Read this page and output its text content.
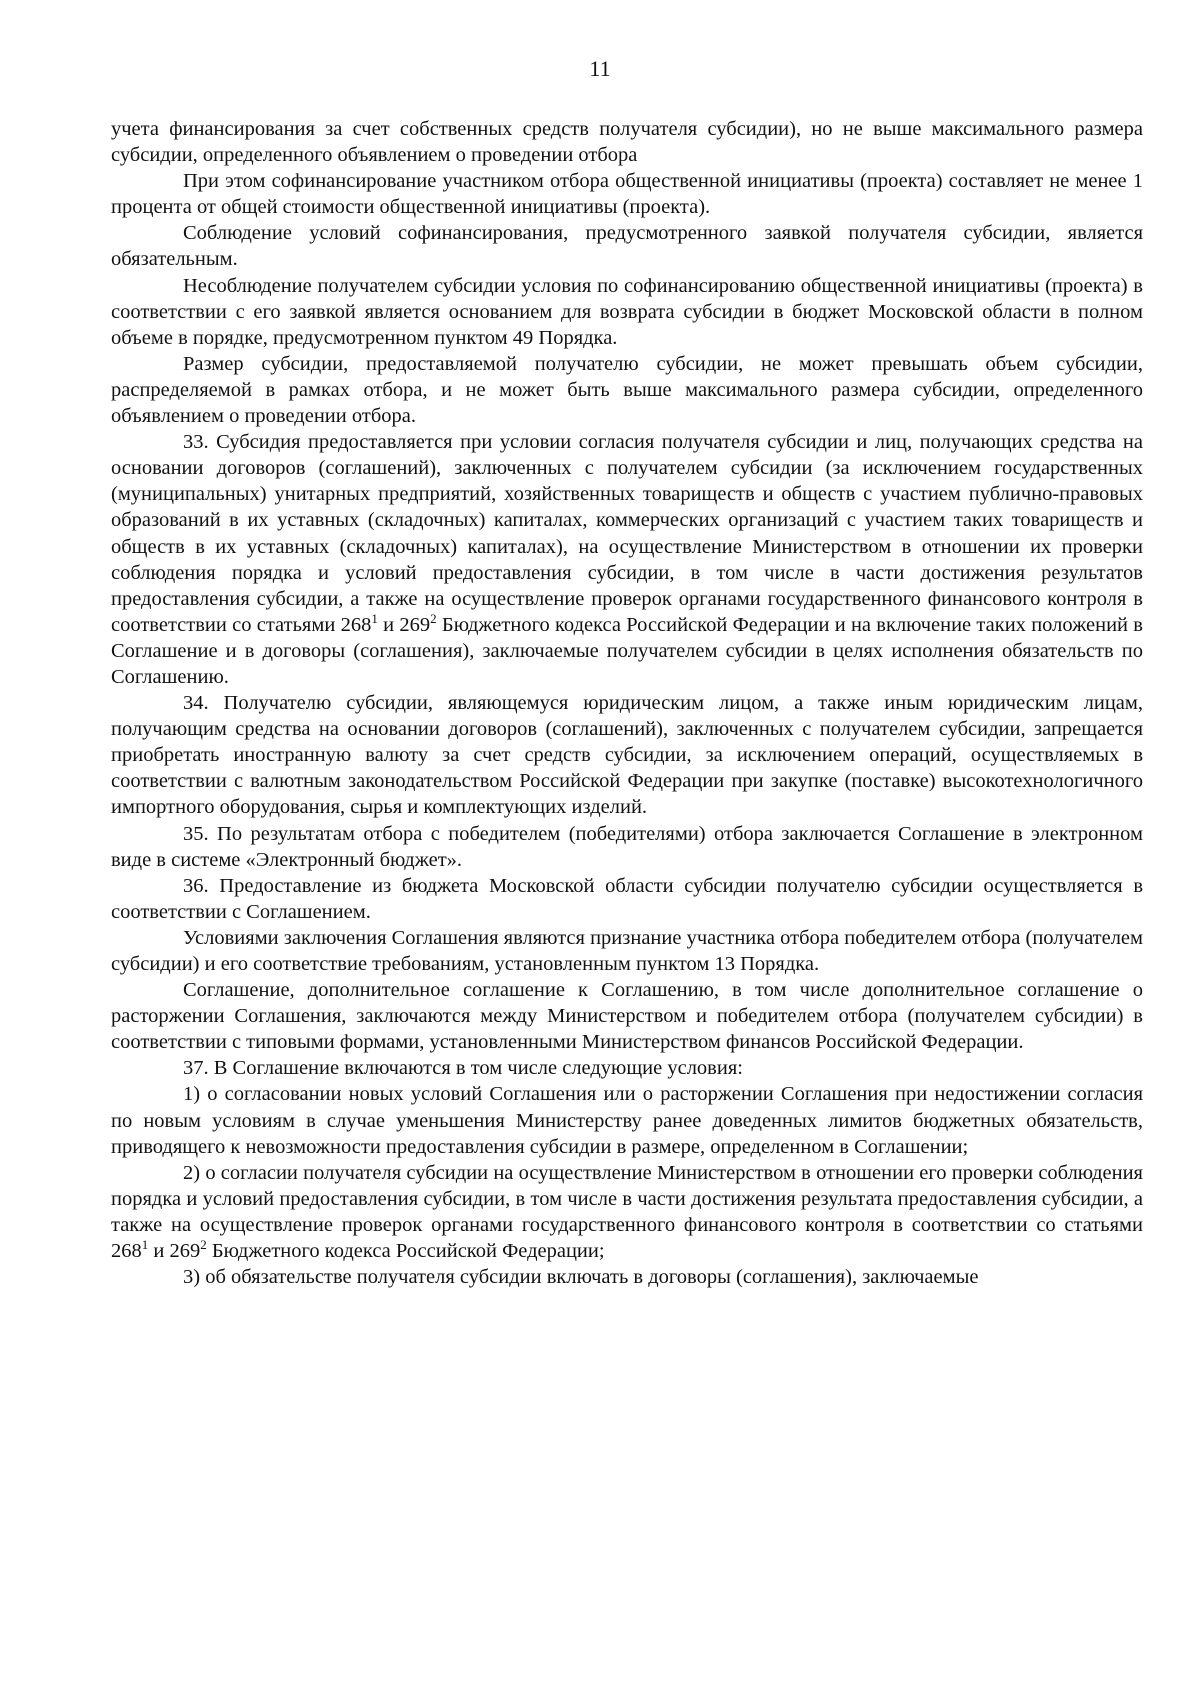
11

учета финансирования за счет собственных средств получателя субсидии), но не выше максимального размера субсидии, определенного объявлением о проведении отбора

При этом софинансирование участником отбора общественной инициативы (проекта) составляет не менее 1 процента от общей стоимости общественной инициативы (проекта).

Соблюдение условий софинансирования, предусмотренного заявкой получателя субсидии, является обязательным.

Несоблюдение получателем субсидии условия по софинансированию общественной инициативы (проекта) в соответствии с его заявкой является основанием для возврата субсидии в бюджет Московской области в полном объеме в порядке, предусмотренном пунктом 49 Порядка.

Размер субсидии, предоставляемой получателю субсидии, не может превышать объем субсидии, распределяемой в рамках отбора, и не может быть выше максимального размера субсидии, определенного объявлением о проведении отбора.

33. Субсидия предоставляется при условии согласия получателя субсидии и лиц, получающих средства на основании договоров (соглашений), заключенных с получателем субсидии (за исключением государственных (муниципальных) унитарных предприятий, хозяйственных товариществ и обществ с участием публично-правовых образований в их уставных (складочных) капиталах, коммерческих организаций с участием таких товариществ и обществ в их уставных (складочных) капиталах), на осуществление Министерством в отношении их проверки соблюдения порядка и условий предоставления субсидии, в том числе в части достижения результатов предоставления субсидии, а также на осуществление проверок органами государственного финансового контроля в соответствии со статьями $268^1$ и $269^2$ Бюджетного кодекса Российской Федерации и на включение таких положений в Соглашение и в договоры (соглашения), заключаемые получателем субсидии в целях исполнения обязательств по Соглашению.

34. Получателю субсидии, являющемуся юридическим лицом, а также иным юридическим лицам, получающим средства на основании договоров (соглашений), заключенных с получателем субсидии, запрещается приобретать иностранную валюту за счет средств субсидии, за исключением операций, осуществляемых в соответствии с валютным законодательством Российской Федерации при закупке (поставке) высокотехнологичного импортного оборудования, сырья и комплектующих изделий.

35. По результатам отбора с победителем (победителями) отбора заключается Соглашение в электронном виде в системе «Электронный бюджет».

36. Предоставление из бюджета Московской области субсидии получателю субсидии осуществляется в соответствии с Соглашением.

Условиями заключения Соглашения являются признание участника отбора победителем отбора (получателем субсидии) и его соответствие требованиям, установленным пунктом 13 Порядка.

Соглашение, дополнительное соглашение к Соглашению, в том числе дополнительное соглашение о расторжении Соглашения, заключаются между Министерством и победителем отбора (получателем субсидии) в соответствии с типовыми формами, установленными Министерством финансов Российской Федерации.

37. В Соглашение включаются в том числе следующие условия:

1) о согласовании новых условий Соглашения или о расторжении Соглашения при недостижении согласия по новым условиям в случае уменьшения Министерству ранее доведенных лимитов бюджетных обязательств, приводящего к невозможности предоставления субсидии в размере, определенном в Соглашении;

2) о согласии получателя субсидии на осуществление Министерством в отношении его проверки соблюдения порядка и условий предоставления субсидии, в том числе в части достижения результата предоставления субсидии, а также на осуществление проверок органами государственного финансового контроля в соответствии со статьями $268^1$ и $269^2$ Бюджетного кодекса Российской Федерации;

3) об обязательстве получателя субсидии включать в договоры (соглашения), заключаемые
